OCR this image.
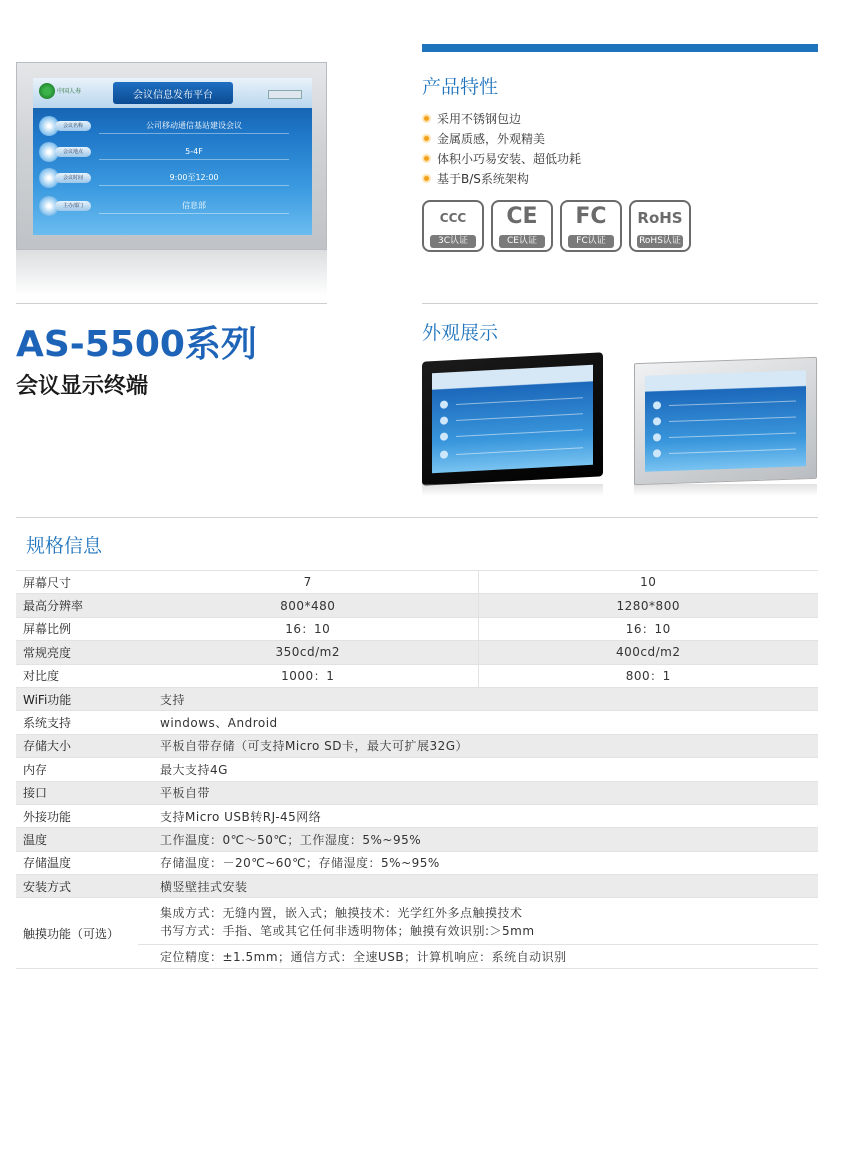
中国人寿	会议信息发布平台
会议名称	公司移动通信基站建设会议
会议地点	5-4F
会议时间	9:00至12:00
主办部门	信息部
AS-5500系列
会议显示终端
产品特性
采用不锈钢包边
金属质感，外观精美
体积小巧易安装、超低功耗
基于B/S系统架构
CCC
3C认证
CE
CE认证
FC
FC认证
RoHS
RoHS认证
外观展示
规格信息
屏幕尺寸	7	10
最高分辨率	800*480	1280*800
屏幕比例	16：10	16：10
常规亮度	350cd/m2	400cd/m2
对比度	1000：1	800：1
WiFi功能	支持	
系统支持	windows、Android	
存储大小	平板自带存储（可支持Micro SD卡，最大可扩展32G）	
内存	最大支持4G	
接口	平板自带	
外接功能	支持Micro USB转RJ-45网络	
温度	工作温度：0℃～50℃；工作湿度：5%~95%	
存储温度	存储温度：－20℃~60℃；存储湿度：5%~95%	
安装方式	横竖壁挂式安装	
触摸功能（可选）	集成方式：无缝内置，嵌入式；触摸技术：光学红外多点触摸技术
书写方式：手指、笔或其它任何非透明物体；触摸有效识别:＞5mm	

	定位精度：±1.5mm；通信方式：全速USB；计算机响应：系统自动识别	
